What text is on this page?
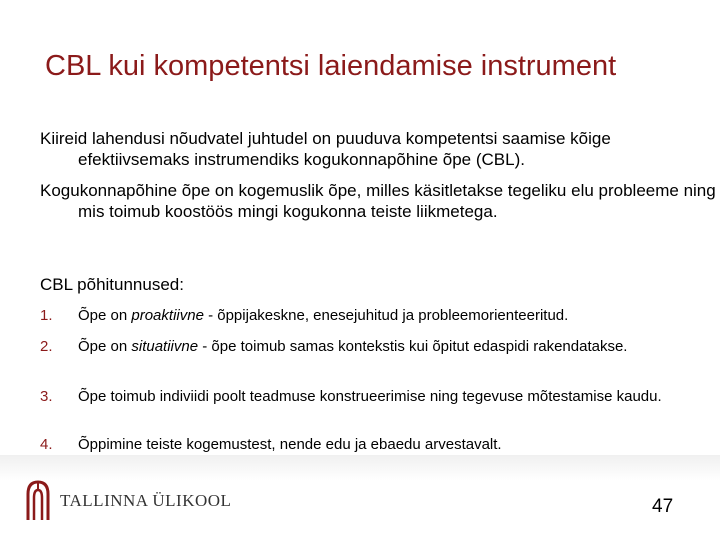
CBL kui kompetentsi laiendamise instrument

Kiireid lahendusi nõudvatel juhtudel on puuduva kompetentsi saamise kõige efektiivsemaks instrumendiks kogukonnapõhine õpe (CBL).

Kogukonnapõhine õpe on kogemuslik õpe, milles käsitletakse tegeliku elu probleeme ning mis toimub koostöös mingi kogukonna teiste liikmetega.

CBL põhitunnused:

1. Õpe on proaktiivne - õppijakeskne, enesejuhitud ja probleemorienteeritud.
2. Õpe on situatiivne - õpe toimub samas kontekstis kui õpitut edaspidi rakendatakse.
3. Õpe toimub indiviidi poolt teadmuse konstrueerimise ning tegevuse mõtestamise kaudu.
4. Õppimine teiste kogemustest, nende edu ja ebaedu arvestavalt.
TALLINNA ÜLIKOOL	47
